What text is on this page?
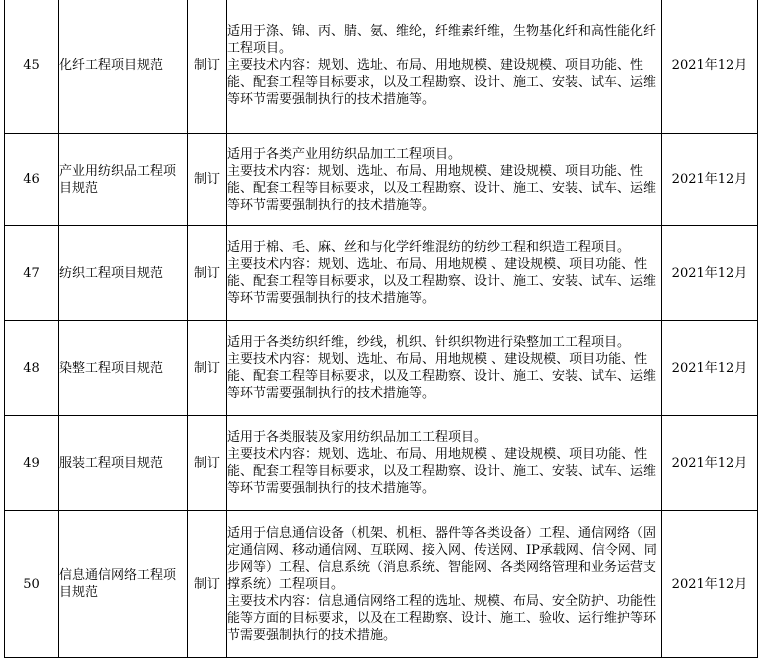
45	化纤工程项目规范	制订	适用于涤、锦、丙、腈、氨、维纶，纤维素纤维，生物基化纤和高性能化纤工程项目。
主要技术内容：规划、选址、布局、用地规模、建设规模、项目功能、性能、配套工程等目标要求，以及工程勘察、设计、施工、安装、试车、运维等环节需要强制执行的技术措施等。	2021年12月
46	产业用纺织品工程项目规范	制订	适用于各类产业用纺织品加工工程项目。
主要技术内容：规划、选址、布局、用地规模、建设规模、项目功能、性能、配套工程等目标要求，以及工程勘察、设计、施工、安装、试车、运维等环节需要强制执行的技术措施等。	2021年12月
47	纺织工程项目规范	制订	适用于棉、毛、麻、丝和与化学纤维混纺的纺纱工程和织造工程项目。
主要技术内容：规划、选址、布局、用地规模 、建设规模、项目功能、性能、配套工程等目标要求，以及工程勘察、设计、施工、安装、试车、运维等环节需要强制执行的技术措施等。	2021年12月
48	染整工程项目规范	制订	适用于各类纺织纤维，纱线，机织、针织织物进行染整加工工程项目。
主要技术内容：规划、选址、布局、用地规模 、建设规模、项目功能、性能、配套工程等目标要求，以及工程勘察、设计、施工、安装、试车、运维等环节需要强制执行的技术措施等。	2021年12月
49	服装工程项目规范	制订	适用于各类服装及家用纺织品加工工程项目。
主要技术内容：规划、选址、布局、用地规模 、建设规模、项目功能、性能、配套工程等目标要求，以及工程勘察、设计、施工、安装、试车、运维等环节需要强制执行的技术措施等。	2021年12月
50	信息通信网络工程项目规范	制订	适用于信息通信设备（机架、机柜、器件等各类设备）工程、通信网络（固定通信网、移动通信网、互联网、接入网、传送网、IP承载网、信令网、同步网等）工程、信息系统（消息系统、智能网、各类网络管理和业务运营支撑系统）工程项目。
主要技术内容：信息通信网络工程的选址、规模、布局、安全防护、功能性能等方面的目标要求，以及在工程勘察、设计、施工、验收、运行维护等环节需要强制执行的技术措施。	2021年12月
